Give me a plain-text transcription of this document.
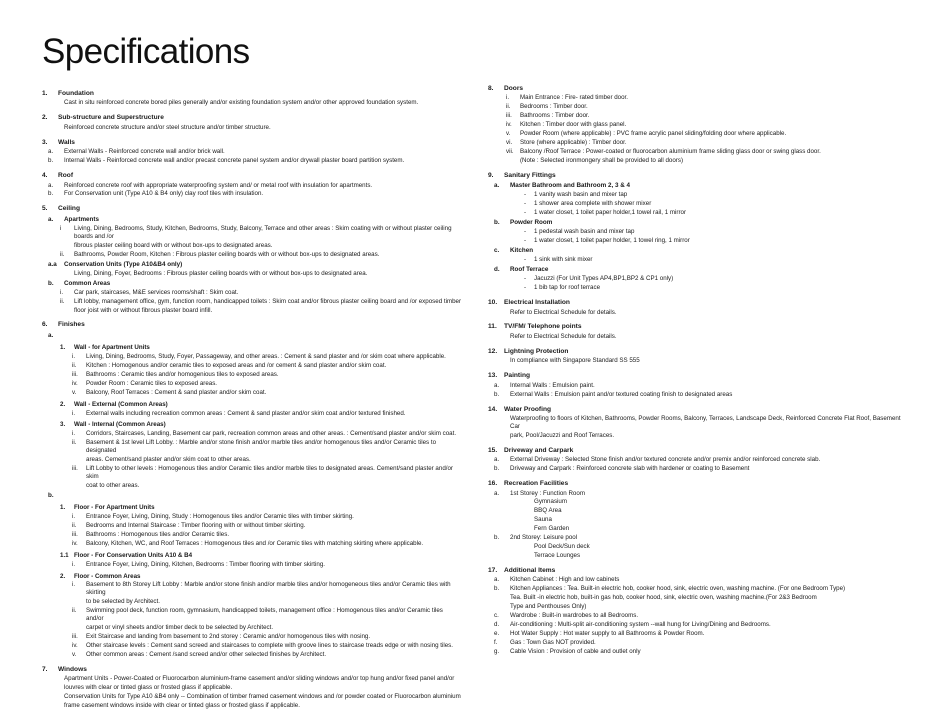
Specifications
1.	Foundation
Cast in situ reinforced concrete bored piles generally and/or existing foundation system and/or other approved foundation system.
2.	Sub-structure and Superstructure
Reinforced concrete structure and/or steel structure and/or timber structure.
3.	Walls
a.	External Walls - Reinforced concrete wall and/or brick wall.
b.	Internal Walls - Reinforced concrete wall and/or precast concrete panel system and/or drywall plaster board partition system.
4.	Roof
a.	Reinforced concrete roof with appropriate waterproofing system and/ or metal roof with insulation for apartments.
b.	For Conservation unit (Type A10 & B4 only) clay roof tiles with insulation.
5.	Ceiling
a.	Apartments
i	Living, Dining, Bedrooms, Study, Kitchen, Bedrooms, Study, Balcony, Terrace and other areas : Skim coating with or without plaster ceiling boards and /or
fibrous plaster ceiling board with or without box-ups to designated areas.
ii.	Bathrooms, Powder Room, Kitchen : Fibrous plaster ceiling boards with or without box-ups to designated areas.
a.a	Conservation Units (Type A10&B4 only)
Living, Dining, Foyer, Bedrooms : Fibrous plaster ceiling boards with or without box-ups to designated area.
b.	Common Areas
i.	Car park, staircases, M&E services rooms/shaft : Skim coat.
ii.	Lift lobby, management office, gym, function room, handicapped toilets : Skim coat and/or fibrous plaster ceiling board and /or exposed timber
floor joist with or without fibrous plaster board infill.
6.	Finishes
a.
1.	Wall - for Apartment Units
i.	Living, Dining, Bedrooms, Study, Foyer, Passageway, and other areas. : Cement & sand plaster and /or skim coat where applicable.
ii.	Kitchen : Homogenous and/or ceramic tiles to exposed areas and /or cement & sand plaster and/or skim coat.
iii.	Bathrooms : Ceramic tiles and/or homogenious tiles to exposed areas.
iv.	Powder Room : Ceramic tiles to exposed areas.
v.	Balcony, Roof Terraces : Cement & sand plaster and/or skim coat.
2.	Wall - External (Common Areas)
i.	External walls including recreation common areas : Cement & sand plaster and/or skim coat and/or textured finished.
3.	Wall - Internal (Common Areas)
i.	Corridors, Staircases, Landing, Basement car park, recreation common areas and other areas. : Cement/sand plaster and/or skim coat.
ii.	Basement & 1st level Lift Lobby. : Marble and/or stone finish and/or marble tiles and/or homogenous tiles and/or Ceramic tiles to designated
areas. Cement/sand plaster and/or skim coat to other areas.
iii.	Lift Lobby to other levels : Homogenous tiles and/or Ceramic tiles and/or marble tiles to designated areas. Cement/sand plaster and/or skim
coat to other areas.
b.
1.	Floor - For Apartment Units
i.	Entrance Foyer, Living, Dining, Study : Homogenous tiles and/or Ceramic tiles with timber skirting.
ii.	Bedrooms and Internal Staircase : Timber flooring with or without timber skirting.
iii.	Bathrooms : Homogenous tiles and/or Ceramic tiles.
iv.	Balcony, Kitchen, WC, and Roof Terraces : Homogenous tiles and /or Ceramic tiles with matching skirting where applicable.
1.1 Floor - For Conservation Units A10 & B4
i.	Entrance Foyer, Living, Dining, Kitchen, Bedrooms : Timber flooring with timber skirting.
2.	Floor - Common Areas
i.	Basement to 8th Storey Lift Lobby : Marble and/or stone finish and/or marble tiles and/or homogeneous tiles and/or Ceramic tiles with skirting
to be selected by Architect.
ii.	Swimming pool deck, function room, gymnasium, handicapped toilets, management office : Homogenous tiles and/or Ceramic tiles and/or
carpet or vinyl sheets and/or timber deck to be selected by Architect.
iii.	Exit Staircase and landing from basement to 2nd storey : Ceramic and/or homogenous tiles with nosing.
iv.	Other staircase levels : Cement sand screed and staircases to complete with groove lines to staircase treads edge or with nosing tiles.
v.	Other common areas : Cement /sand screed and/or other selected finishes by Architect.
7.	Windows
Apartment Units - Power-Coated or Fluorocarbon aluminium-frame casement and/or sliding windows and/or top hung and/or fixed panel and/or
louvres with clear or tinted glass or frosted glass if applicable.
Conservation Units for Type A10 &B4 only -- Combination of timber framed casement windows and /or powder coated or Fluorocarbon aluminium
frame casement windows inside with clear or tinted glass or frosted glass if applicable.
8.	Doors
i.	Main Entrance : Fire- rated timber door.
ii.	Bedrooms : Timber door.
iii.	Bathrooms : Timber door.
iv.	Kitchen : Timber door with glass panel.
v.	Powder Room (where applicable) : PVC frame acrylic panel sliding/folding door where applicable.
vi.	Store (where applicable) : Timber door.
vii.	Balcony /Roof Terrace : Power-coated or fluorocarbon aluminium frame sliding glass door or swing glass door.
(Note : Selected ironmongery shall be provided to all doors)
9.	Sanitary Fittings
a.	Master Bathroom and Bathroom 2, 3 & 4
-	1 vanity wash basin and mixer tap
-	1 shower area complete with shower mixer
-	1 water closet, 1 toilet paper holder,1 towel rail, 1 mirror
b.	Powder Room
-	1 pedestal wash basin and mixer tap
-	1 water closet, 1 toilet paper holder, 1 towel ring, 1 mirror
c.	Kitchen
-	1 sink with sink mixer
d.	Roof Terrace
-	Jacuzzi (For Unit Types AP4,BP1,BP2 & CP1 only)
-	1 bib tap for roof terrace
10.	Electrical Installation
Refer to Electrical Schedule for details.
11.	TV/FM/ Telephone points
Refer to Electrical Schedule for details.
12.	Lightning Protection
In compliance with Singapore Standard SS 555
13.	Painting
a.	Internal Walls : Emulsion paint.
b.	External Walls : Emulsion paint and/or textured coating finish to designated areas
14.	Water Proofing
Waterproofing to floors of Kitchen, Bathrooms, Powder Rooms, Balcony, Terraces, Landscape Deck, Reinforced Concrete Flat Roof, Basement Car
park, Pool/Jacuzzi and Roof Terraces.
15.	Driveway and Carpark
a.	External Driveway : Selected Stone finish and/or textured concrete and/or premix and/or reinforced concrete slab.
b.	Driveway and Carpark : Reinforced concrete slab with hardener or coating to Basement
16.	Recreation Facilities
a.	1st Storey : Function Room
Gymnasium
BBQ Area
Sauna
Fern Garden
b.	2nd Storey: Leisure pool
Pool Deck/Sun deck
Terrace Lounges
17.	Additional Items
a.	Kitchen Cabinet : High and low cabinets
b.	Kitchen Appliances : Tea. Built-in electric hob, cooker hood, sink, electric oven, washing machine. (For one Bedroom Type)
Tea. Built -in electric hob, built-in gas hob, cooker hood, sink, electric oven, washing machine.(For 2&3 Bedroom
Type and Penthouses Only)
c.	Wardrobe : Built-in wardrobes to all Bedrooms.
d.	Air-conditioning : Multi-split air-conditioning system --wall hung for Living/Dining and Bedrooms.
e.	Hot Water Supply : Hot water supply to all Bathrooms & Powder Room.
f.	Gas : Town Gas NOT provided.
g.	Cable Vision : Provision of cable and outlet only
